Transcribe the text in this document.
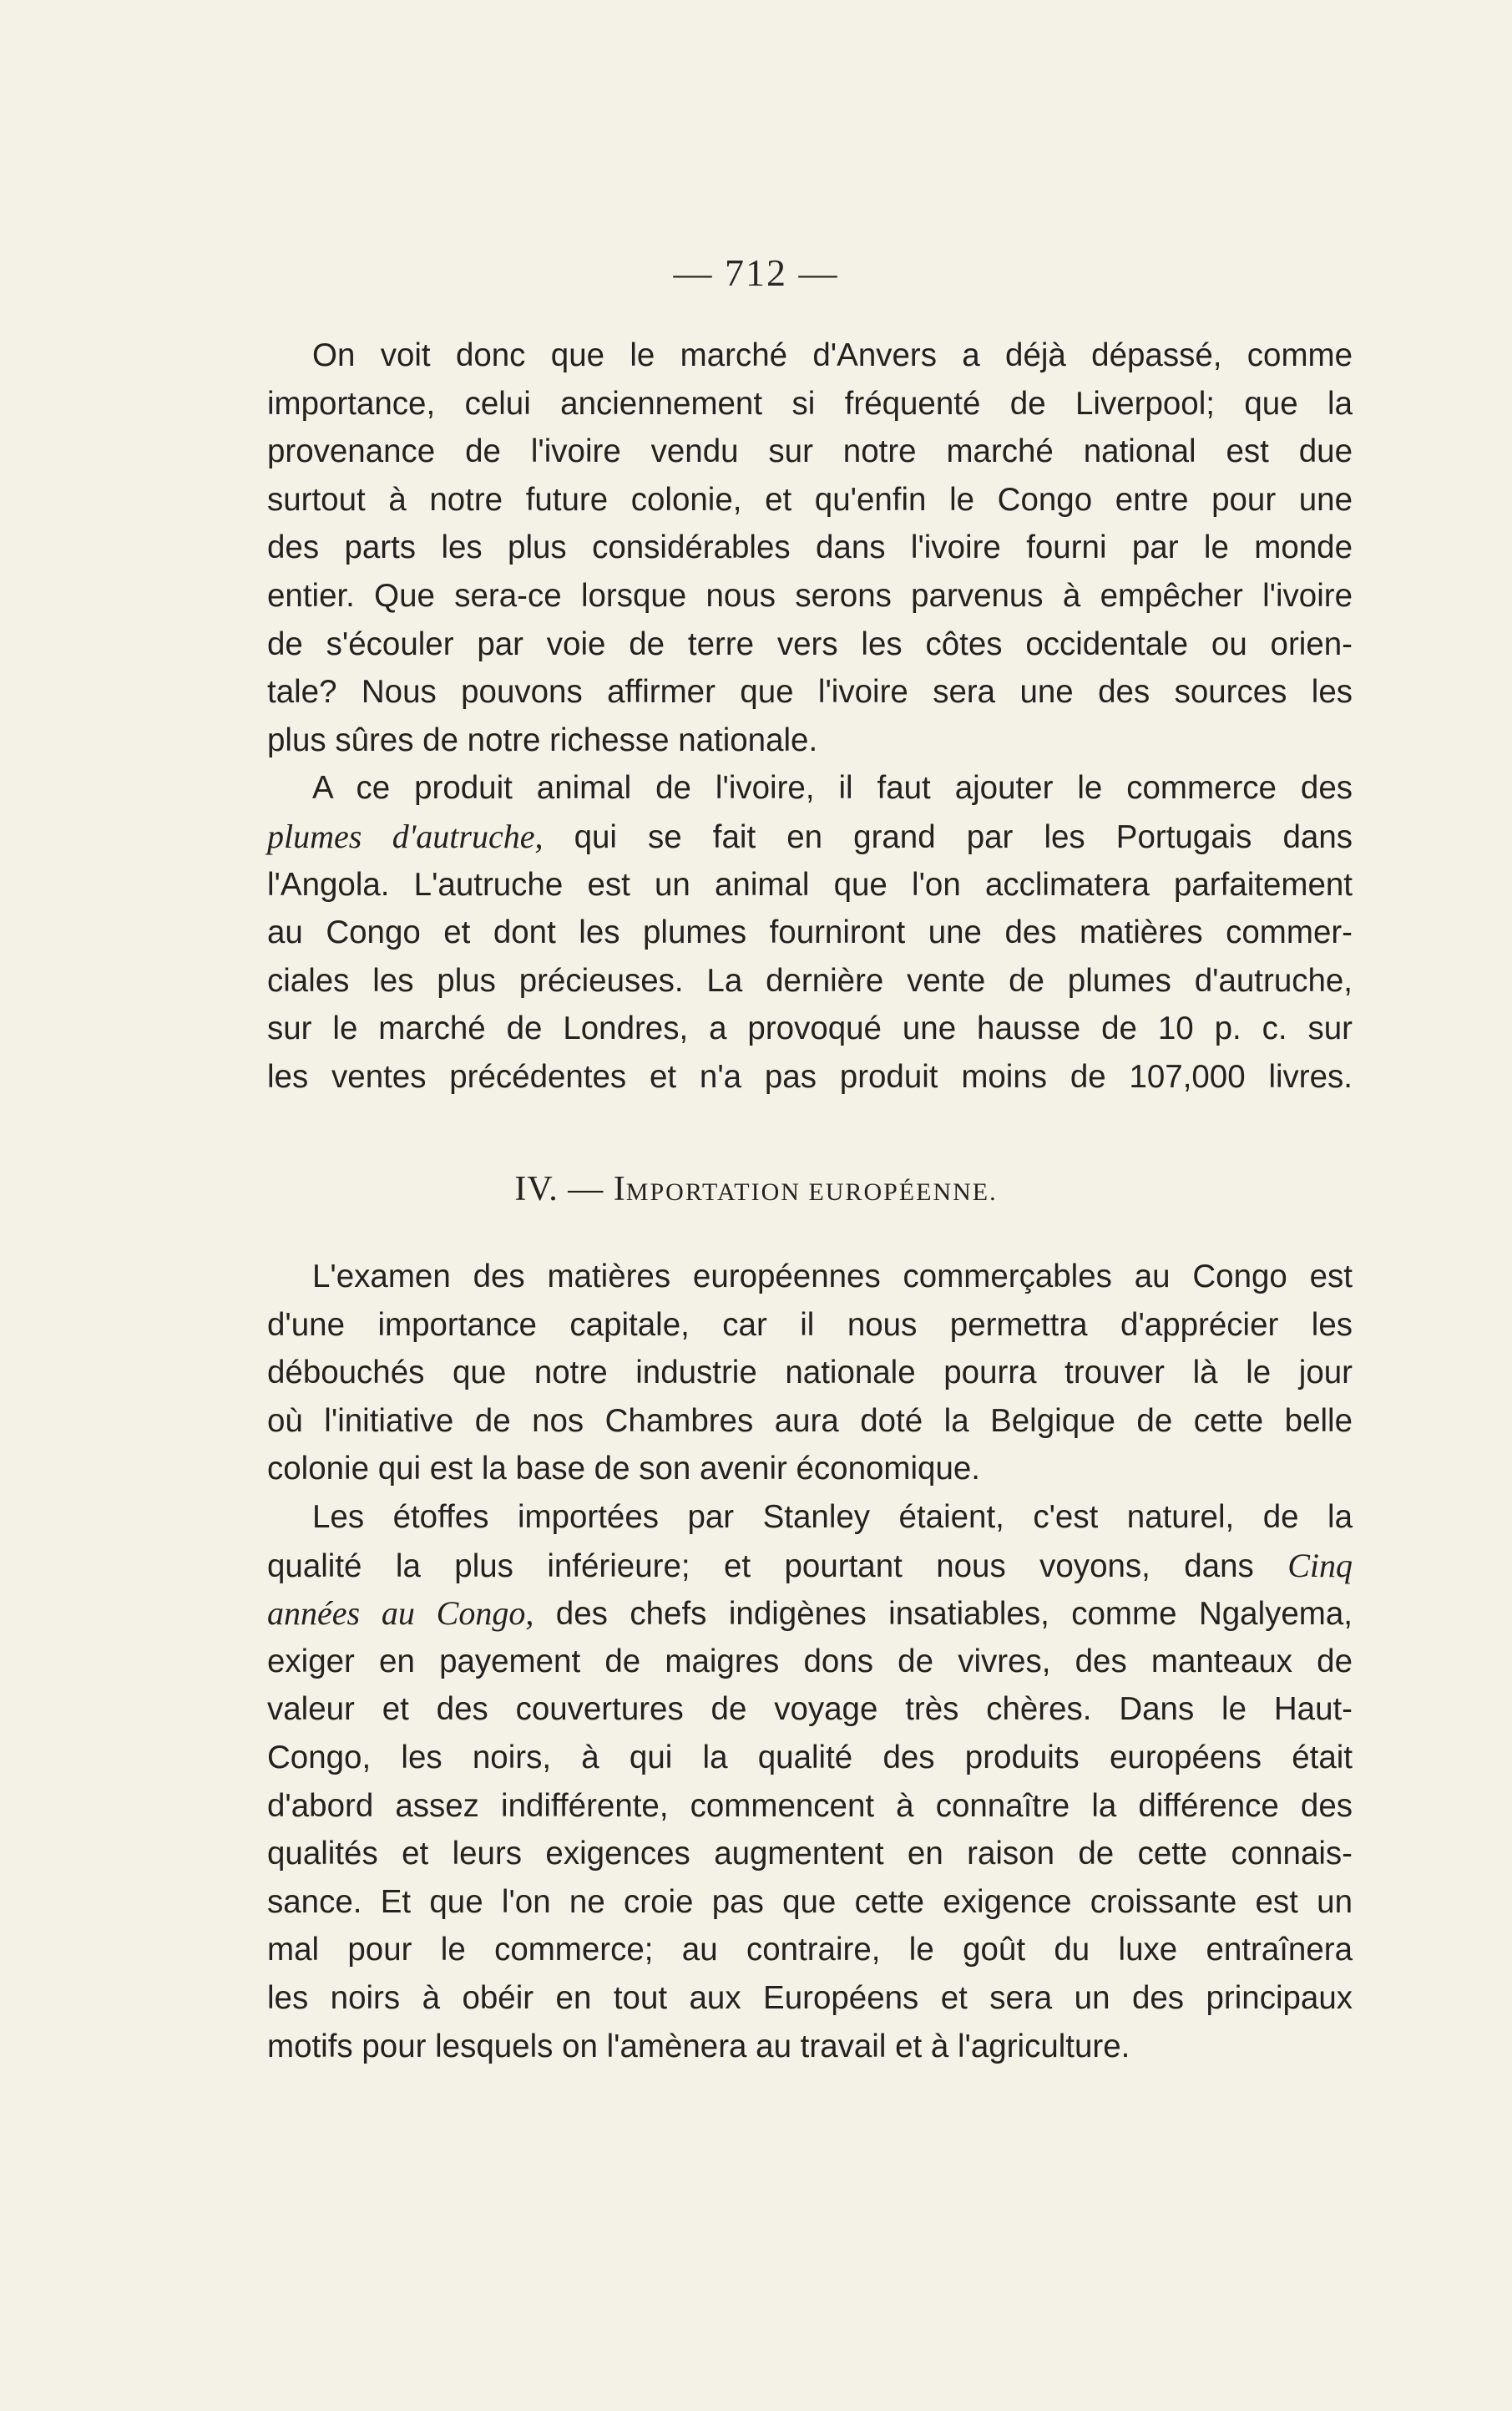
— 712 —
On voit donc que le marché d'Anvers a déjà dépassé, comme
importance, celui anciennement si fréquenté de Liverpool; que la
provenance de l'ivoire vendu sur notre marché national est due
surtout à notre future colonie, et qu'enfin le Congo entre pour une
des parts les plus considérables dans l'ivoire fourni par le monde
entier. Que sera-ce lorsque nous serons parvenus à empêcher l'ivoire
de s'écouler par voie de terre vers les côtes occidentale ou orien-
tale? Nous pouvons affirmer que l'ivoire sera une des sources les
plus sûres de notre richesse nationale.
A ce produit animal de l'ivoire, il faut ajouter le commerce des
plumes d'autruche, qui se fait en grand par les Portugais dans
l'Angola. L'autruche est un animal que l'on acclimatera parfaitement
au Congo et dont les plumes fourniront une des matières commer-
ciales les plus précieuses. La dernière vente de plumes d'autruche,
sur le marché de Londres, a provoqué une hausse de 10 p. c. sur
les ventes précédentes et n'a pas produit moins de 107,000 livres.
IV. — IMPORTATION EUROPÉENNE.
L'examen des matières européennes commerçables au Congo est
d'une importance capitale, car il nous permettra d'apprécier les
débouchés que notre industrie nationale pourra trouver là le jour
où l'initiative de nos Chambres aura doté la Belgique de cette belle
colonie qui est la base de son avenir économique.
Les étoffes importées par Stanley étaient, c'est naturel, de la
qualité la plus inférieure; et pourtant nous voyons, dans Cinq
années au Congo, des chefs indigènes insatiables, comme Ngalyema,
exiger en payement de maigres dons de vivres, des manteaux de
valeur et des couvertures de voyage très chères. Dans le Haut-
Congo, les noirs, à qui la qualité des produits européens était
d'abord assez indifférente, commencent à connaître la différence des
qualités et leurs exigences augmentent en raison de cette connais-
sance. Et que l'on ne croie pas que cette exigence croissante est un
mal pour le commerce; au contraire, le goût du luxe entraînera
les noirs à obéir en tout aux Européens et sera un des principaux
motifs pour lesquels on l'amènera au travail et à l'agriculture.
